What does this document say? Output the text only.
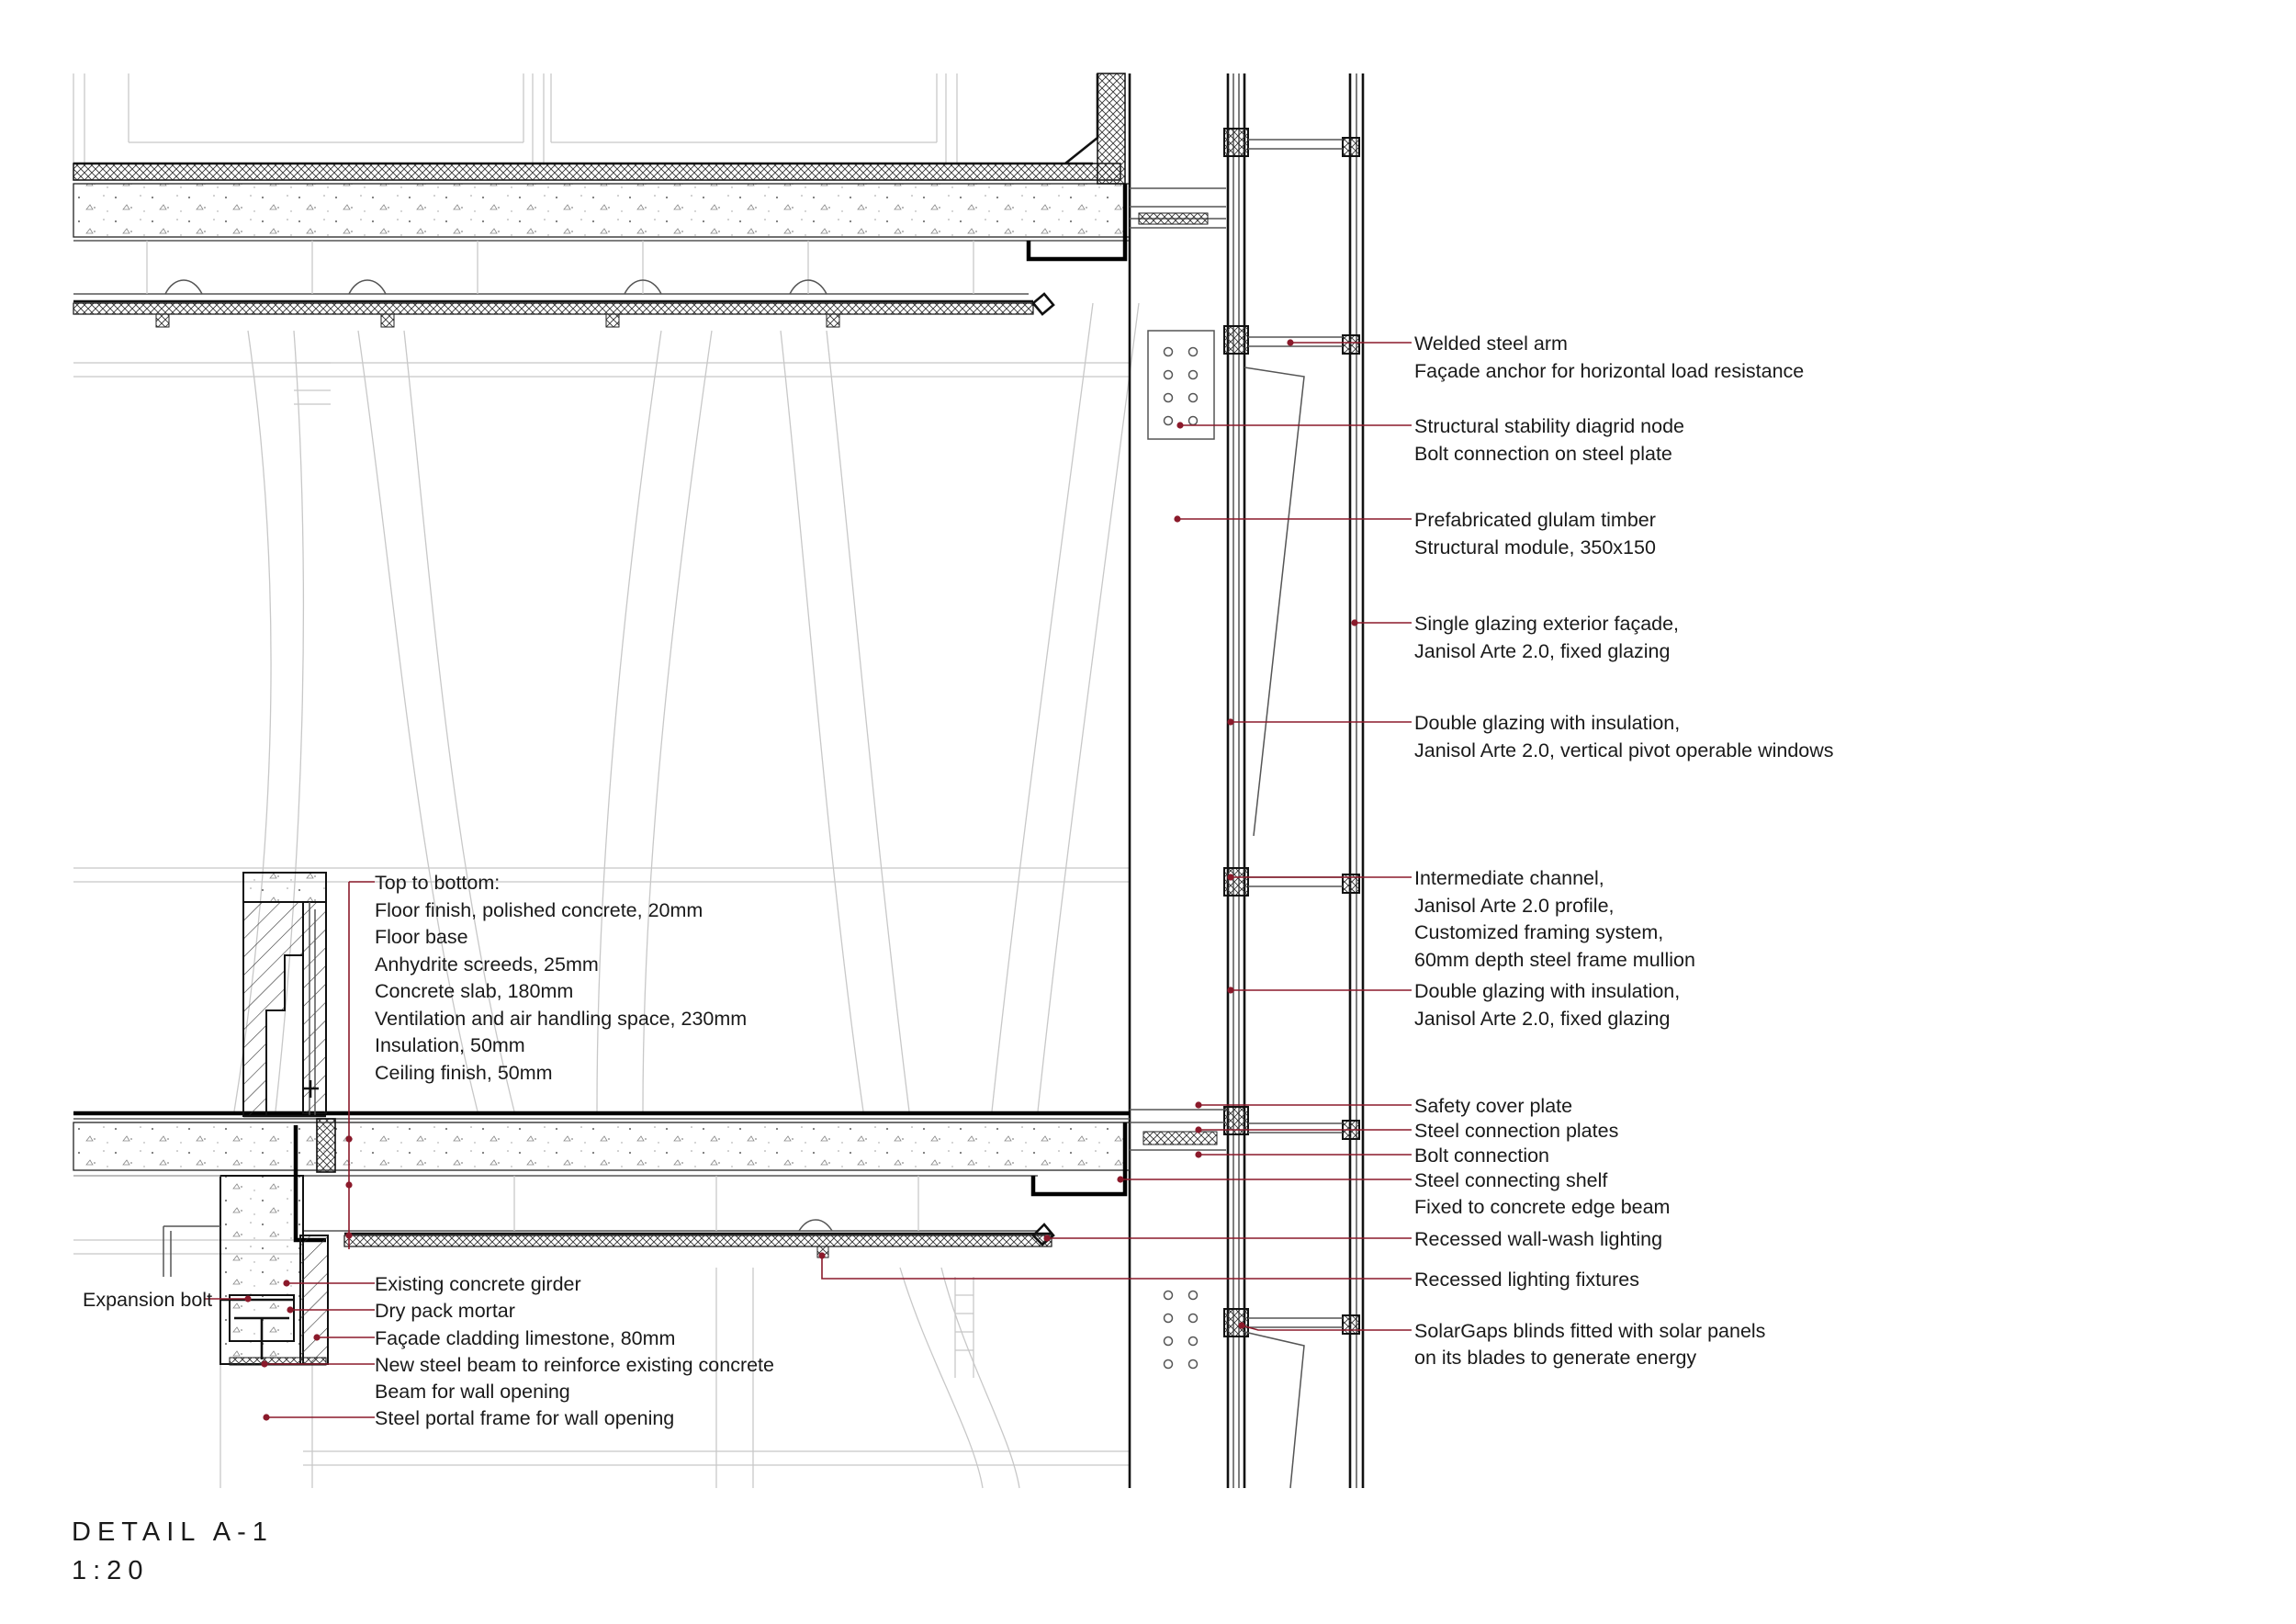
Welded steel arm Façade anchor for horizontal load resistance
Structural stability diagrid node Bolt connection on steel plate
Prefabricated glulam timber Structural module, 350x150
Single glazing exterior façade, Janisol Arte 2.0, fixed glazing
Double glazing with insulation, Janisol Arte 2.0, vertical pivot operable windows
Intermediate channel, Janisol Arte 2.0 profile, Customized framing system, 60mm depth steel frame mullion
Double glazing with insulation, Janisol Arte 2.0, fixed glazing
Safety cover plate
Steel connection plates
Bolt connection
Steel connecting shelf Fixed to concrete edge beam
Recessed wall-wash lighting
Recessed lighting fixtures
SolarGaps blinds fitted with solar panels on its blades to generate energy
Top to bottom: Floor finish, polished concrete, 20mm Floor base Anhydrite screeds, 25mm Concrete slab, 180mm Ventilation and air handling space, 230mm Insulation, 50mm Ceiling finish, 50mm
Existing concrete girder
Dry pack mortar
Façade cladding limestone, 80mm
New steel beam to reinforce existing concrete Beam for wall opening
Steel portal frame for wall opening
Expansion bolt
DETAIL A-1
1:20
